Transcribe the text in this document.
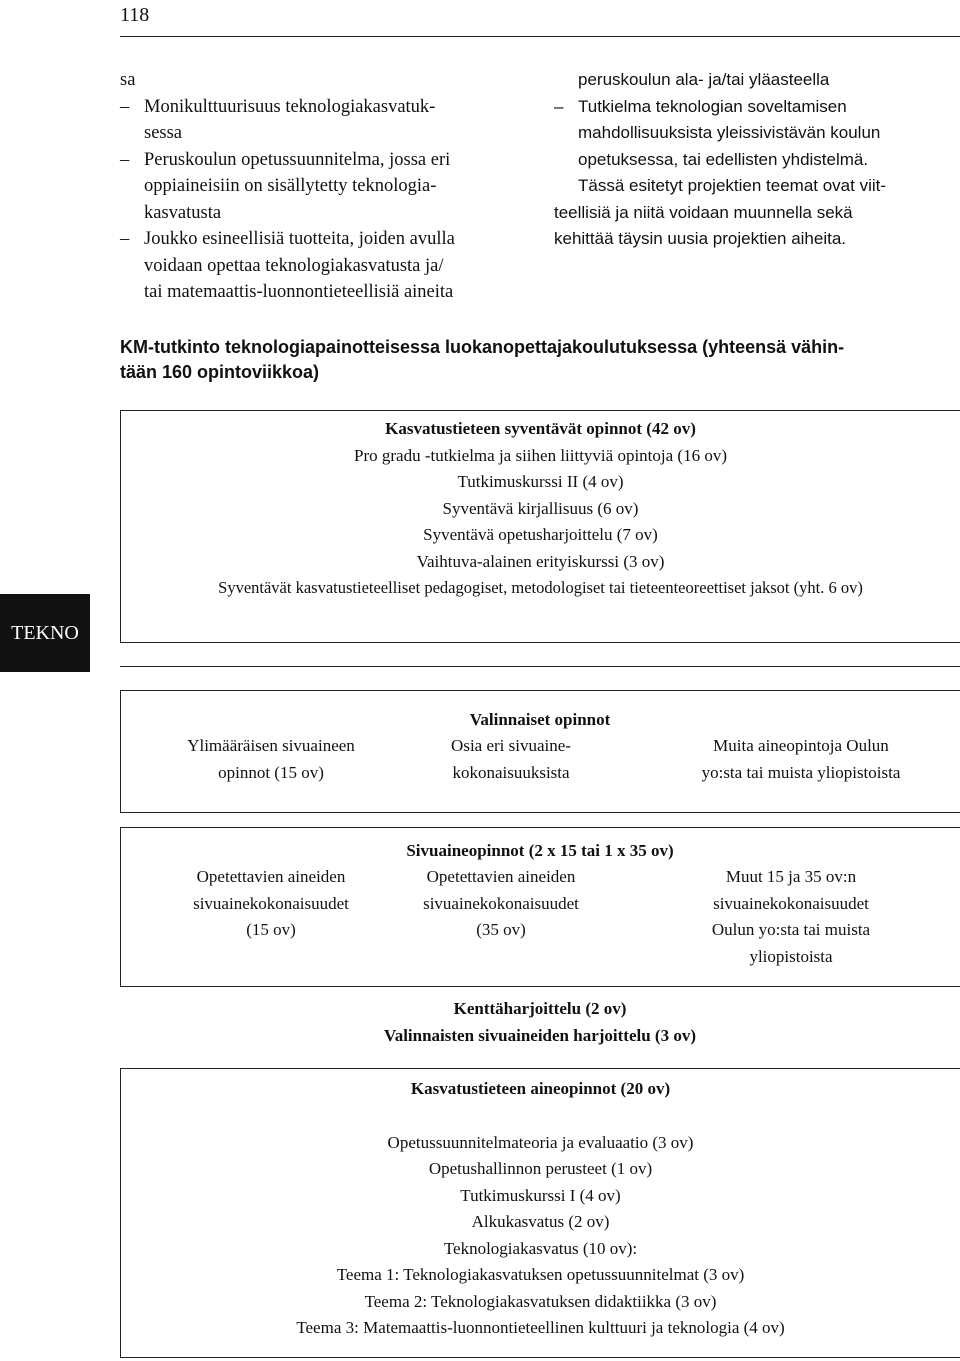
118
sa
– Monikulttuurisuus teknologiakasvatuk-
sessa
– Peruskoulun opetussuunnitelma, jossa eri
oppiaineisiin on sisällytetty teknologia-
kasvatusta
– Joukko esineellisiä tuotteita, joiden avulla
voidaan opettaa teknologiakasvatusta ja/
tai matemaattis-luonnontieteellisiä aineita
peruskoulun ala- ja/tai yläasteella
– Tutkielma teknologian soveltamisen
mahdollisuuksista yleissivistävän koulun
opetuksessa, tai edellisten yhdistelmä.
Tässä esitetyt projektien teemat ovat viit-
teellisiä ja niitä voidaan muunnella sekä
kehittää täysin uusia projektien aiheita.
KM-tutkinto teknologiapainotteisessa luokanopettajakoulutuksessa (yhteensä vähin-
tään 160 opintoviikkoa)
Kasvatustieteen syventävät opinnot (42 ov)
Pro gradu -tutkielma ja siihen liittyviä opintoja (16 ov)
Tutkimuskurssi II (4 ov)
Syventävä kirjallisuus (6 ov)
Syventävä opetusharjoittelu (7 ov)
Vaihtuva-alainen erityiskurssi (3 ov)
Syventävät kasvatustieteelliset pedagogiset, metodologiset tai tieteenteoreettiset jaksot (yht. 6 ov)
TEKNO
Valinnaiset opinnot
Ylimääräisen sivuaineen
opinnot (15 ov)
Osia eri sivuaine-
kokonaisuuksista
Muita aineopintoja Oulun
yo:sta tai muista yliopistoista
Sivuaineopinnot (2 x 15 tai 1 x 35 ov)
Opetettavien aineiden
sivuainekokonaisuudet
(15 ov)
Opetettavien aineiden
sivuainekokonaisuudet
(35 ov)
Muut 15 ja 35 ov:n
sivuainekokonaisuudet
Oulun yo:sta tai muista
yliopistoista
Kenttäharjoittelu (2 ov)
Valinnaisten sivuaineiden harjoittelu (3 ov)
Kasvatustieteen aineopinnot (20 ov)
Opetussuunnitelmateoria ja evaluaatio (3 ov)
Opetushallinnon perusteet (1 ov)
Tutkimuskurssi I (4 ov)
Alkukasvatus (2 ov)
Teknologiakasvatus (10 ov):
Teema 1: Teknologiakasvatuksen opetussuunnitelmat (3 ov)
Teema 2: Teknologiakasvatuksen didaktiikka (3 ov)
Teema 3: Matemaattis-luonnontieteellinen kulttuuri ja teknologia (4 ov)
